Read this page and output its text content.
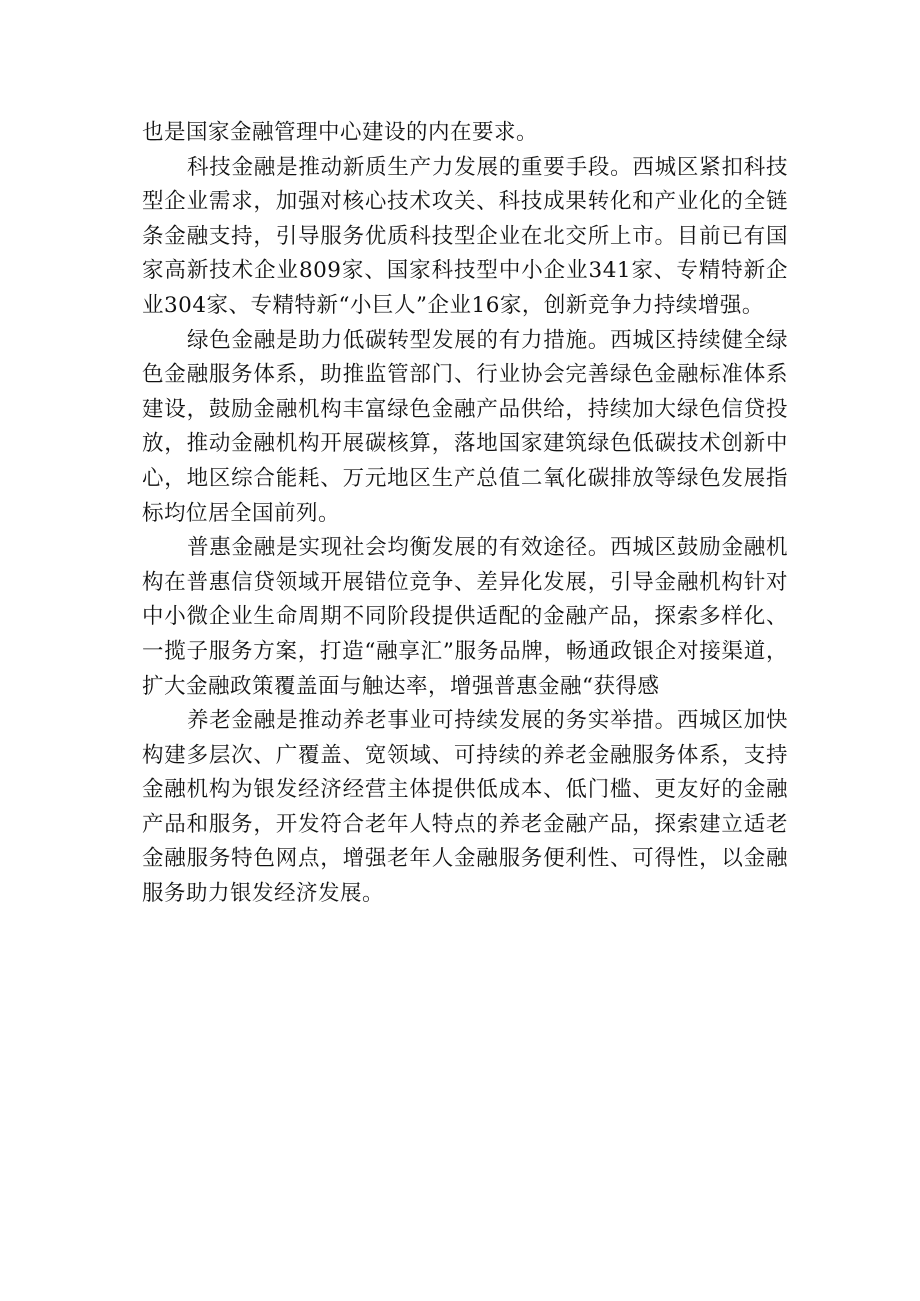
也是国家金融管理中心建设的内在要求。

科技金融是推动新质生产力发展的重要手段。西城区紧扣科技型企业需求，加强对核心技术攻关、科技成果转化和产业化的全链条金融支持，引导服务优质科技型企业在北交所上市。目前已有国家高新技术企业809家、国家科技型中小企业341家、专精特新企业304家、专精特新“小巨人”企业16家，创新竞争力持续增强。

绿色金融是助力低碳转型发展的有力措施。西城区持续健全绿色金融服务体系，助推监管部门、行业协会完善绿色金融标准体系建设，鼓励金融机构丰富绿色金融产品供给，持续加大绿色信贷投放，推动金融机构开展碳核算，落地国家建筑绿色低碳技术创新中心，地区综合能耗、万元地区生产总值二氧化碳排放等绿色发展指标均位居全国前列。

普惠金融是实现社会均衡发展的有效途径。西城区鼓励金融机构在普惠信贷领域开展错位竞争、差异化发展，引导金融机构针对中小微企业生命周期不同阶段提供适配的金融产品，探索多样化、一揽子服务方案，打造“融享汇”服务品牌，畅通政银企对接渠道，扩大金融政策覆盖面与触达率，增强普惠金融“获得感

养老金融是推动养老事业可持续发展的务实举措。西城区加快构建多层次、广覆盖、宽领域、可持续的养老金融服务体系，支持金融机构为银发经济经营主体提供低成本、低门槛、更友好的金融产品和服务，开发符合老年人特点的养老金融产品，探索建立适老金融服务特色网点，增强老年人金融服务便利性、可得性，以金融服务助力银发经济发展。
